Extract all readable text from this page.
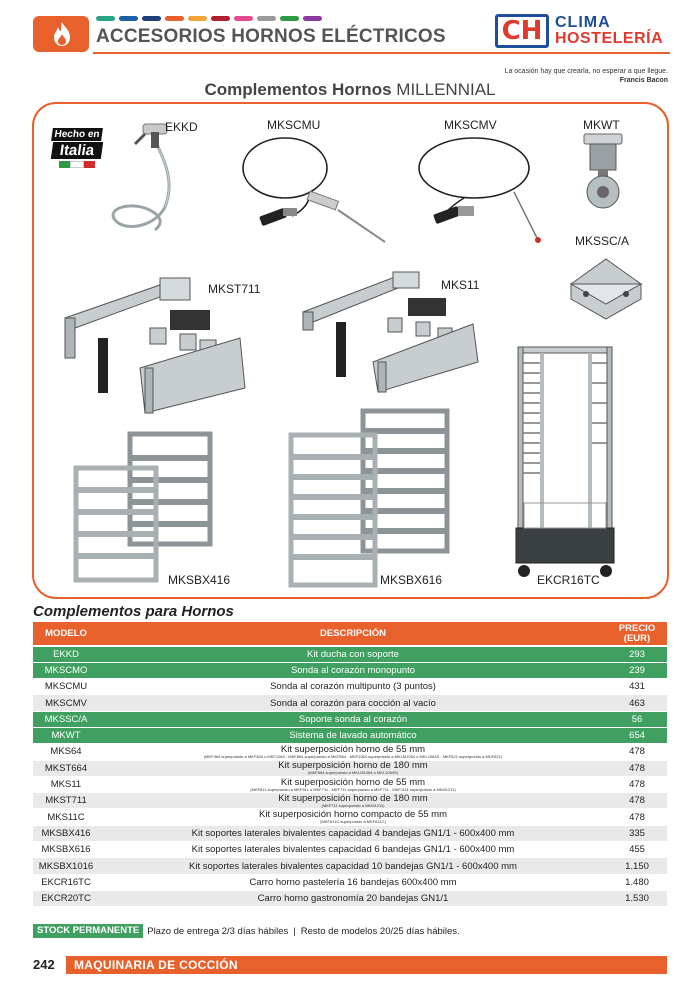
ACCESORIOS HORNOS ELÉCTRICOS CH CLIMA
HOSTELERÍA
La ocasión hay que crearla, no esperar a que llegue.
Francis Bacon
Complementos Hornos MILLENNIAL
Hecho en
Italia
EKKD	MKSCMU	MKSCMV	MKWT
MKSSC/A
MKST711	MKS11
EKCR16TC
MKSBX416	MKSBX616
Complementos para Hornos
MODELO	DESCRIPCIÓN	PRECIO (EUR)
EKKD	Kit ducha con soporte	293
MKSCMO	Sonda al corazón monopunto	239
MKSCMU	Sonda al corazón multipunto (3 puntos)	431
MKSCMV	Sonda al corazón para cocción al vacío	463
MKSSC/A	Soporte sonda al corazón	56
MKWT	Sistema de lavado automático	654
MKS64	Kit superposición horno de 55 mm
(MKF464 superpuesto a MKF464 o MKF1064 - MKF664 superpuesto a MKF664 - MKF1064 superpuesto a MKLM1064 o MKL1064S - MKF621 superpuesto a MDF621)	478
MKST664	Kit superposición horno de 180 mm
(MKF664 superpuesto a MKLM1064 o MKL1064S)	478
MKS11	Kit superposición horno de 55 mm
(MKF511 superpuesto a MKF511 o MKF711 - MKF711 superpuesto a MKF711 - MKF1111 superpuesto a MKM1211)	478
MKST711	Kit superposición horno de 180 mm
(MKF711 superpuesto a MKM1211)	478
MKS11C	Kit superposición horno compacto de 55 mm
(MKF611C superpuesto a MKF611C)	478
MKSBX416	Kit soportes laterales bivalentes capacidad 4 bandejas GN1/1 - 600x400 mm	335
MKSBX616	Kit soportes laterales bivalentes capacidad 6 bandejas GN1/1 - 600x400 mm	455
MKSBX1016	Kit soportes laterales bivalentes capacidad 10 bandejas GN1/1 - 600x400 mm	1.150
EKCR16TC	Carro horno pastelería 16 bandejas 600x400 mm	1.480
EKCR20TC	Carro horno gastronomía 20 bandejas GN1/1	1.530
STOCK PERMANENTE Plazo de entrega 2/3 días hábiles | Resto de modelos 20/25 días hábiles.
242	MAQUINARIA DE COCCIÓN
